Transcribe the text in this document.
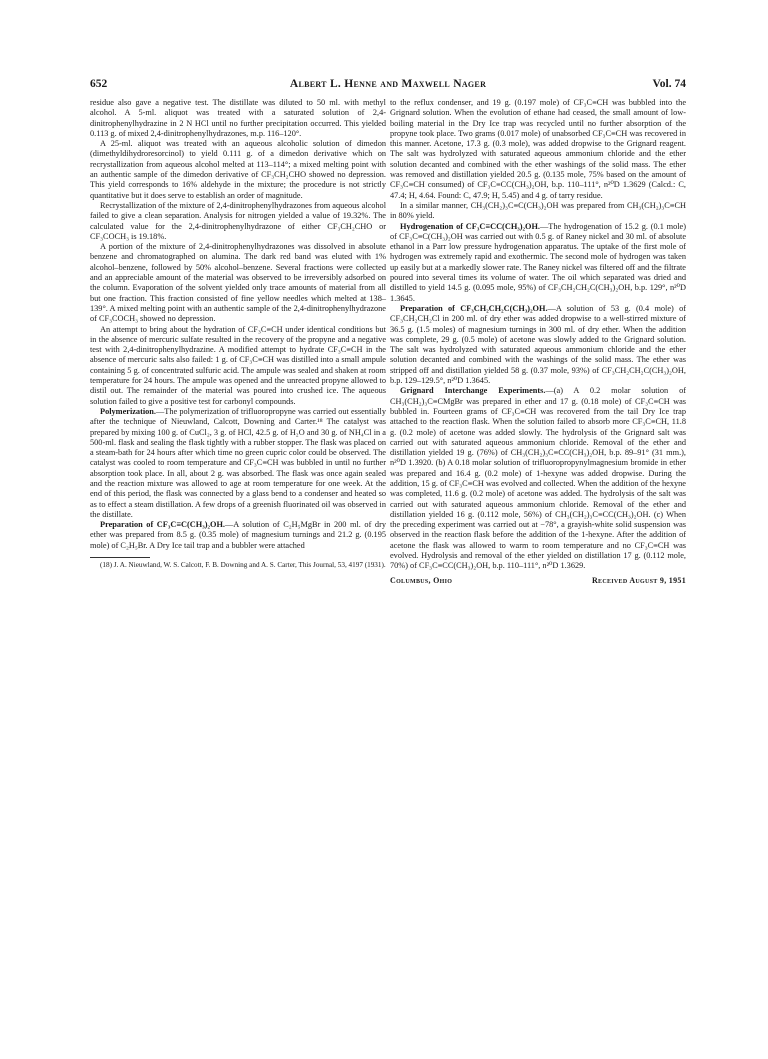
652	Albert L. Henne and Maxwell Nager	Vol. 74

residue also gave a negative test. The distillate was diluted to 50 ml. with methyl alcohol. A 5-ml. aliquot was treated with a saturated solution of 2,4-dinitrophenylhydrazine in 2 N HCl until no further precipitation occurred. This yielded 0.113 g. of mixed 2,4-dinitrophenylhydrazones, m.p. 116–120°.

A 25-ml. aliquot was treated with an aqueous alcoholic solution of dimedon (dimethyldihydroresorcinol) to yield 0.111 g. of a dimedon derivative which on recrystallization from aqueous alcohol melted at 113–114°; a mixed melting point with an authentic sample of the dimedon derivative of CF₃CH₂CHO showed no depression. This yield corresponds to 16% aldehyde in the mixture; the procedure is not strictly quantitative but it does serve to establish an order of magnitude.

Recrystallization of the mixture of 2,4-dinitrophenylhydrazones from aqueous alcohol failed to give a clean separation. Analysis for nitrogen yielded a value of 19.32%. The calculated value for the 2,4-dinitrophenylhydrazone of either CF₃CH₂CHO or CF₃COCH₃ is 19.18%.

A portion of the mixture of 2,4-dinitrophenylhydrazones was dissolved in absolute benzene and chromatographed on alumina. The dark red band was eluted with 1% alcohol–benzene, followed by 50% alcohol–benzene. Several fractions were collected and an appreciable amount of the material was observed to be irreversibly adsorbed on the column. Evaporation of the solvent yielded only trace amounts of material from all but one fraction. This fraction consisted of fine yellow needles which melted at 138–139°. A mixed melting point with an authentic sample of the 2,4-dinitrophenylhydrazone of CF₃COCH₃ showed no depression.

An attempt to bring about the hydration of CF₃C≡CH under identical conditions but in the absence of mercuric sulfate resulted in the recovery of the propyne and a negative test with 2,4-dinitrophenylhydrazine. A modified attempt to hydrate CF₃C≡CH in the absence of mercuric salts also failed: 1 g. of CF₃C≡CH was distilled into a small ampule containing 5 g. of concentrated sulfuric acid. The ampule was sealed and shaken at room temperature for 24 hours. The ampule was opened and the unreacted propyne allowed to distil out. The remainder of the material was poured into crushed ice. The aqueous solution failed to give a positive test for carbonyl compounds.

Polymerization.—The polymerization of trifluoropropyne was carried out essentially after the technique of Nieuwland, Calcott, Downing and Carter.¹⁸ The catalyst was prepared by mixing 100 g. of CuCl₂, 3 g. of HCl, 42.5 g. of H₂O and 30 g. of NH₄Cl in a 500-ml. flask and sealing the flask tightly with a rubber stopper. The flask was placed on a steam-bath for 24 hours after which time no green cupric color could be observed. The catalyst was cooled to room temperature and CF₃C≡CH was bubbled in until no further absorption took place. In all, about 2 g. was absorbed. The flask was once again sealed and the reaction mixture was allowed to age at room temperature for one week. At the end of this period, the flask was connected by a glass bend to a condenser and heated so as to effect a steam distillation. A few drops of a greenish fluorinated oil was observed in the distillate.

Preparation of CF₃C≡C(CH₃)₂OH.—A solution of C₂H₅MgBr in 200 ml. of dry ether was prepared from 8.5 g. (0.35 mole) of magnesium turnings and 21.2 g. (0.195 mole) of C₂H₅Br. A Dry Ice tail trap and a bubbler were attached

(18) J. A. Nieuwland, W. S. Calcott, F. B. Downing and A. S. Carter, This Journal, 53, 4197 (1931).

to the reflux condenser, and 19 g. (0.197 mole) of CF₃C≡CH was bubbled into the Grignard solution. When the evolution of ethane had ceased, the small amount of low-boiling material in the Dry Ice trap was recycled until no further absorption of the propyne took place. Two grams (0.017 mole) of unabsorbed CF₃C≡CH was recovered in this manner. Acetone, 17.3 g. (0.3 mole), was added dropwise to the Grignard reagent. The salt was hydrolyzed with saturated aqueous ammonium chloride and the ether solution decanted and combined with the ether washings of the solid mass. The ether was removed and distillation yielded 20.5 g. (0.135 mole, 75% based on the amount of CF₃C≡CH consumed) of CF₃C≡CC(CH₃)₂OH, b.p. 110–111°, n²⁰D 1.3629 (Calcd.: C, 47.4; H, 4.64. Found: C, 47.9; H, 5.45) and 4 g. of tarry residue.

In a similar manner, CH₃(CH₂)₃C≡C(CH₃)₂OH was prepared from CH₃(CH₂)₃C≡CH in 80% yield.

Hydrogenation of CF₃C≡CC(CH₃)₂OH.—The hydrogenation of 15.2 g. (0.1 mole) of CF₃C≡C(CH₃)₂OH was carried out with 0.5 g. of Raney nickel and 30 ml. of absolute ethanol in a Parr low pressure hydrogenation apparatus. The uptake of the first mole of hydrogen was extremely rapid and exothermic. The second mole of hydrogen was taken up easily but at a markedly slower rate. The Raney nickel was filtered off and the filtrate poured into several times its volume of water. The oil which separated was dried and distilled to yield 14.5 g. (0.095 mole, 95%) of CF₃CH₂CH₂C(CH₃)₂OH, b.p. 129°, n²⁰D 1.3645.

Preparation of CF₃CH₂CH₂C(CH₃)₂OH.—A solution of 53 g. (0.4 mole) of CF₃CH₂CH₂Cl in 200 ml. of dry ether was added dropwise to a well-stirred mixture of 36.5 g. (1.5 moles) of magnesium turnings in 300 ml. of dry ether. When the addition was complete, 29 g. (0.5 mole) of acetone was slowly added to the Grignard solution. The salt was hydrolyzed with saturated aqueous ammonium chloride and the ether solution decanted and combined with the washings of the solid mass. The ether was stripped off and distillation yielded 58 g. (0.37 mole, 93%) of CF₃CH₂CH₂C(CH₃)₂OH, b.p. 129–129.5°, n²⁰D 1.3645.

Grignard Interchange Experiments.—(a) A 0.2 molar solution of CH₃(CH₂)₃C≡CMgBr was prepared in ether and 17 g. (0.18 mole) of CF₃C≡CH was bubbled in. Fourteen grams of CF₃C≡CH was recovered from the tail Dry Ice trap attached to the reaction flask. When the solution failed to absorb more CF₃C≡CH, 11.8 g. (0.2 mole) of acetone was added slowly. The hydrolysis of the Grignard salt was carried out with saturated aqueous ammonium chloride. Removal of the ether and distillation yielded 19 g. (76%) of CH₃(CH₂)₃C≡CC(CH₃)₂OH, b.p. 89–91° (31 mm.), n²⁰D 1.3920. (b) A 0.18 molar solution of trifluoropropynylmagnesium bromide in ether was prepared and 16.4 g. (0.2 mole) of 1-hexyne was added dropwise. During the addition, 15 g. of CF₃C≡CH was evolved and collected. When the addition of the hexyne was completed, 11.6 g. (0.2 mole) of acetone was added. The hydrolysis of the salt was carried out with saturated aqueous ammonium chloride. Removal of the ether and distillation yielded 16 g. (0.112 mole, 56%) of CH₃(CH₂)₃C≡CC(CH₃)₂OH. (c) When the preceding experiment was carried out at −78°, a grayish-white solid suspension was observed in the reaction flask before the addition of the 1-hexyne. After the addition of acetone the flask was allowed to warm to room temperature and no CF₃C≡CH was evolved. Hydrolysis and removal of the ether yielded on distillation 17 g. (0.112 mole, 70%) of CF₃C≡CC(CH₃)₂OH, b.p. 110–111°, n²⁰D 1.3629.

Columbus, Ohio	Received August 9, 1951
